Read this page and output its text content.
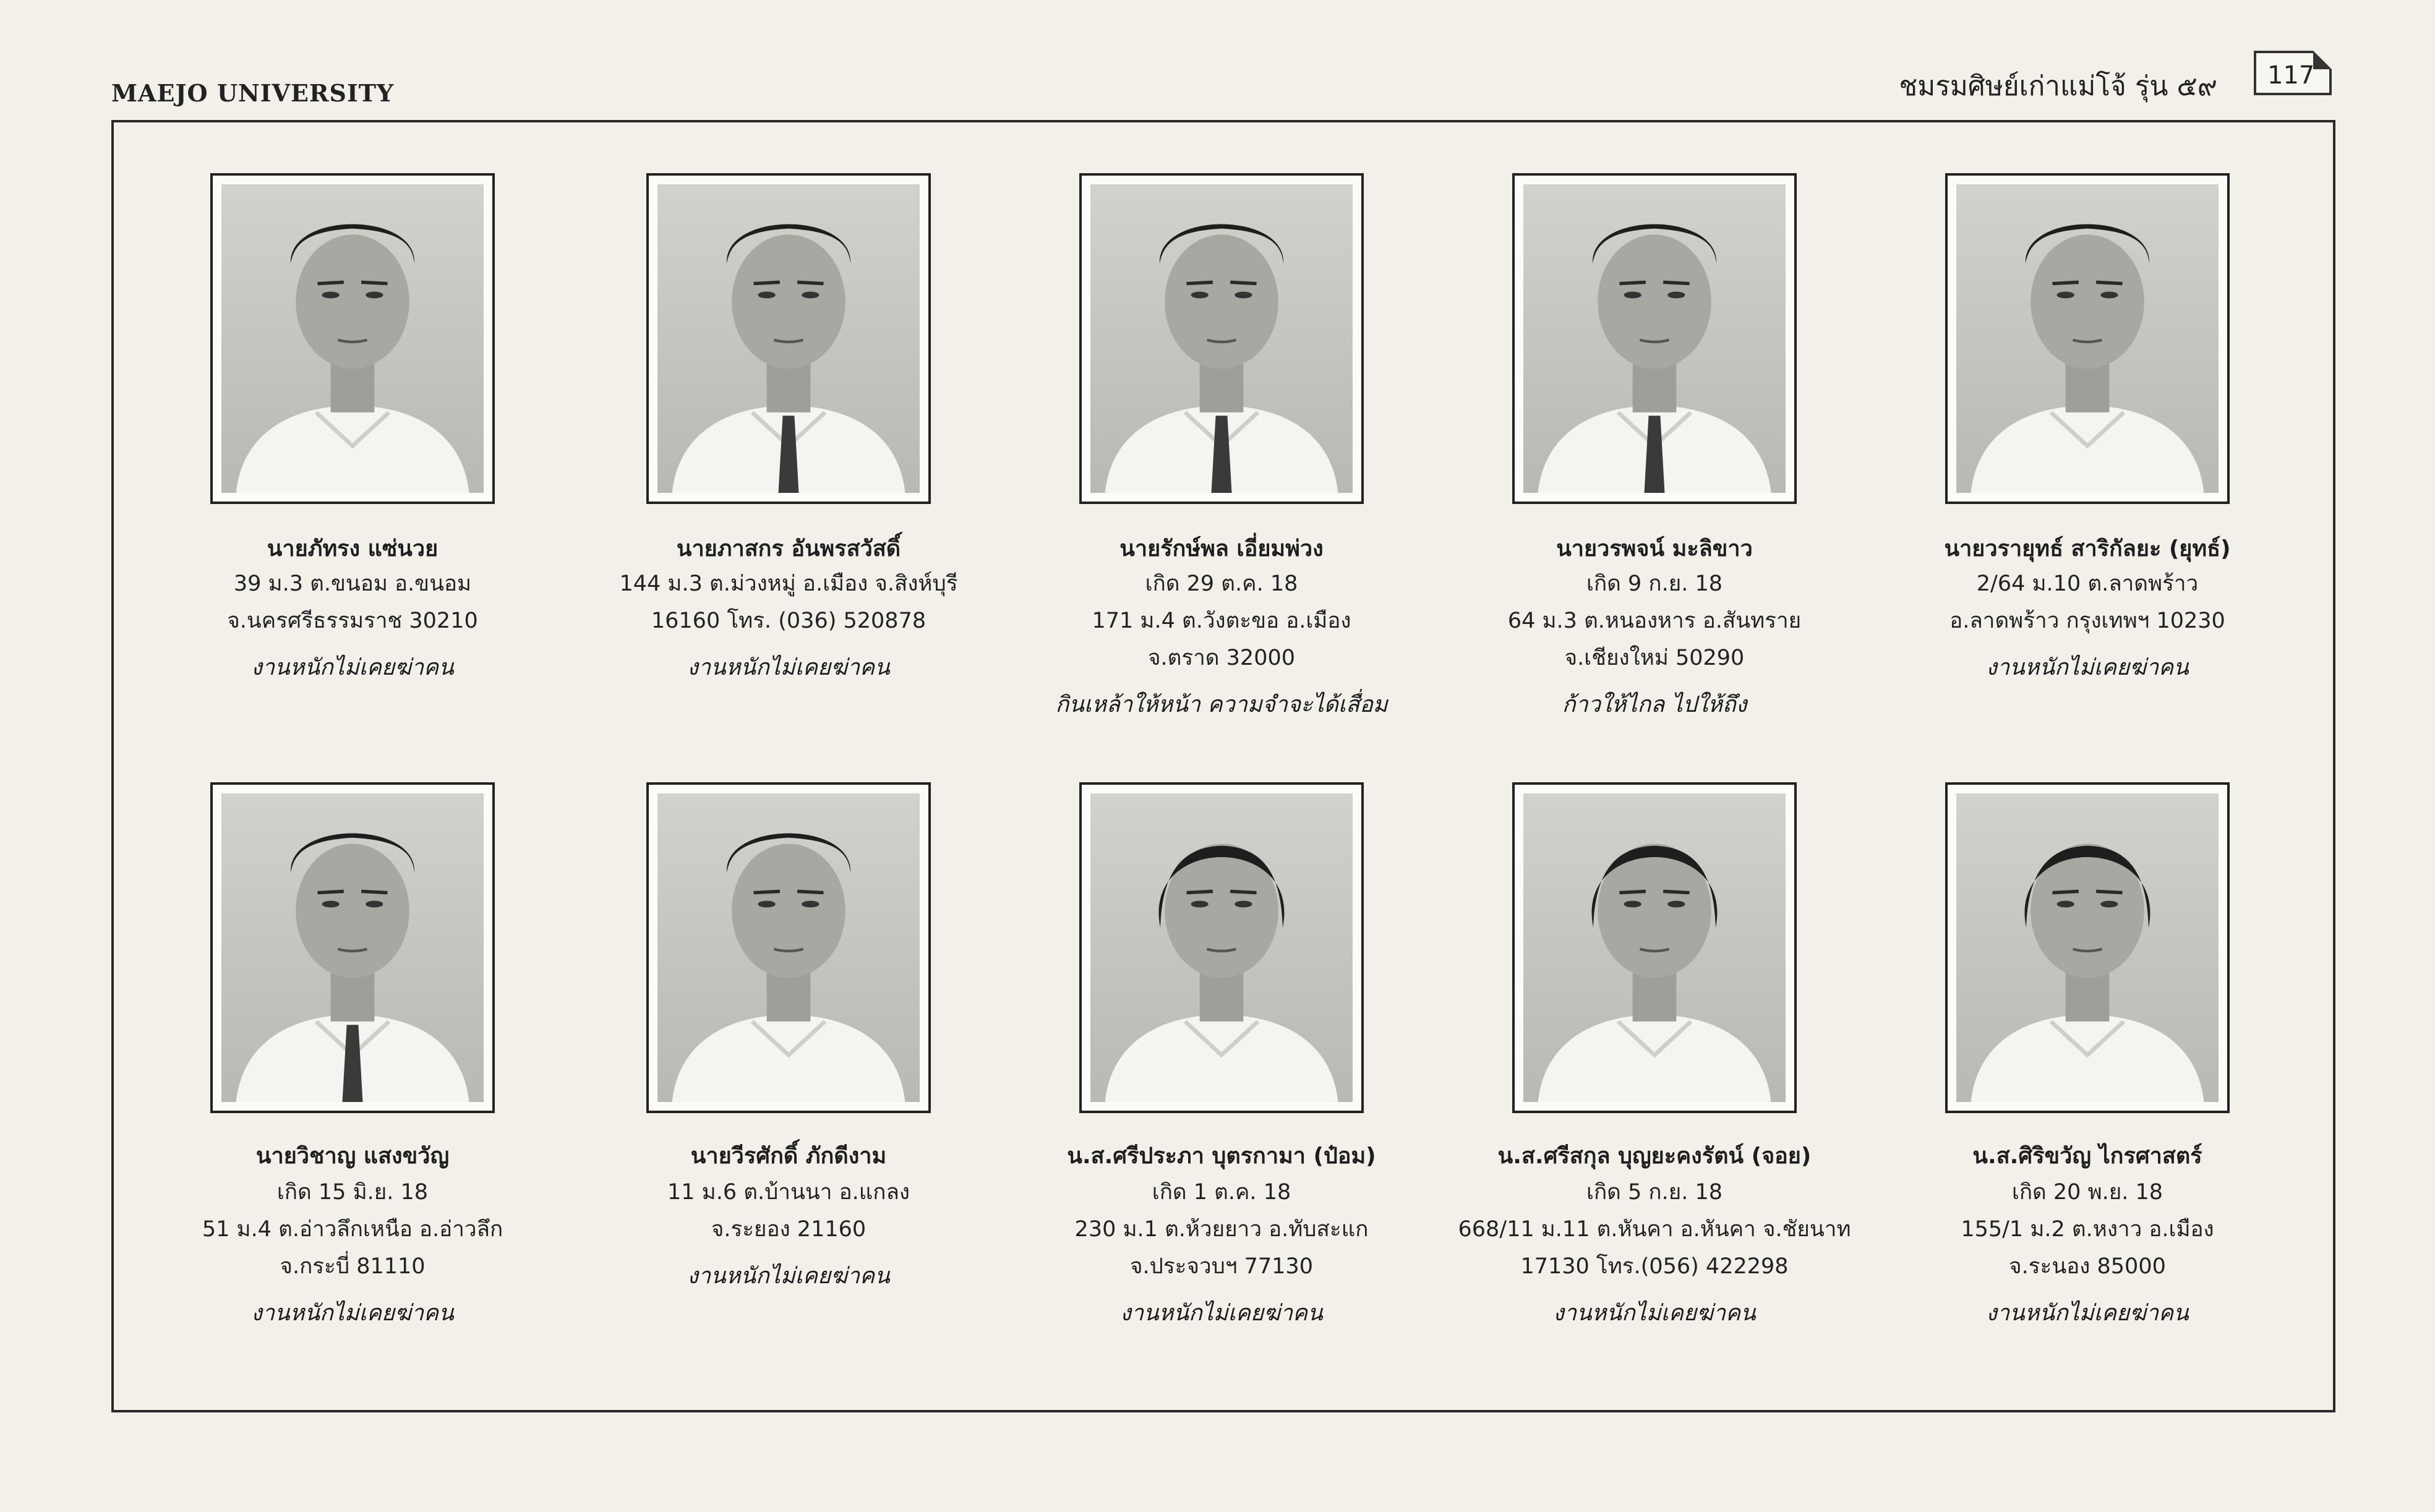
MAEJO UNIVERSITY	ชมรมศิษย์เก่าแม่โจ้ รุ่น ๕๙	117
นายภัทรง แซ่นวย
39 ม.3 ต.ขนอม อ.ขนอม
จ.นครศรีธรรมราช 30210
งานหนักไม่เคยฆ่าคน
นายภาสกร อันพรสวัสดิ์
144 ม.3 ต.ม่วงหมู่ อ.เมือง จ.สิงห์บุรี
16160 โทร. (036) 520878
งานหนักไม่เคยฆ่าคน
นายรักษ์พล เอี่ยมพ่วง
เกิด 29 ต.ค. 18
171 ม.4 ต.วังตะขอ อ.เมือง
จ.ตราด 32000
กินเหล้าให้หน้า ความจำจะได้เสื่อม
นายวรพจน์ มะลิขาว
เกิด 9 ก.ย. 18
64 ม.3 ต.หนองหาร อ.สันทราย
จ.เชียงใหม่ 50290
ก้าวให้ไกล ไปให้ถึง
นายวรายุทธ์ สาริกัลยะ (ยุทธ์)
2/64 ม.10 ต.ลาดพร้าว
อ.ลาดพร้าว กรุงเทพฯ 10230
งานหนักไม่เคยฆ่าคน
นายวิชาญ แสงขวัญ
เกิด 15 มิ.ย. 18
51 ม.4 ต.อ่าวลึกเหนือ อ.อ่าวลึก
จ.กระบี่ 81110
งานหนักไม่เคยฆ่าคน
นายวีรศักดิ์ ภักดีงาม
11 ม.6 ต.บ้านนา อ.แกลง
จ.ระยอง 21160
งานหนักไม่เคยฆ่าคน
น.ส.ศรีประภา บุตรกามา (ป๋อม)
เกิด 1 ต.ค. 18
230 ม.1 ต.ห้วยยาว อ.ทับสะแก
จ.ประจวบฯ 77130
งานหนักไม่เคยฆ่าคน
น.ส.ศรีสกุล บุญยะคงรัตน์ (จอย)
เกิด 5 ก.ย. 18
668/11 ม.11 ต.หันคา อ.หันคา จ.ชัยนาท
17130 โทร.(056) 422298
งานหนักไม่เคยฆ่าคน
น.ส.ศิริขวัญ ไกรศาสตร์
เกิด 20 พ.ย. 18
155/1 ม.2 ต.หงาว อ.เมือง
จ.ระนอง 85000
งานหนักไม่เคยฆ่าคน
